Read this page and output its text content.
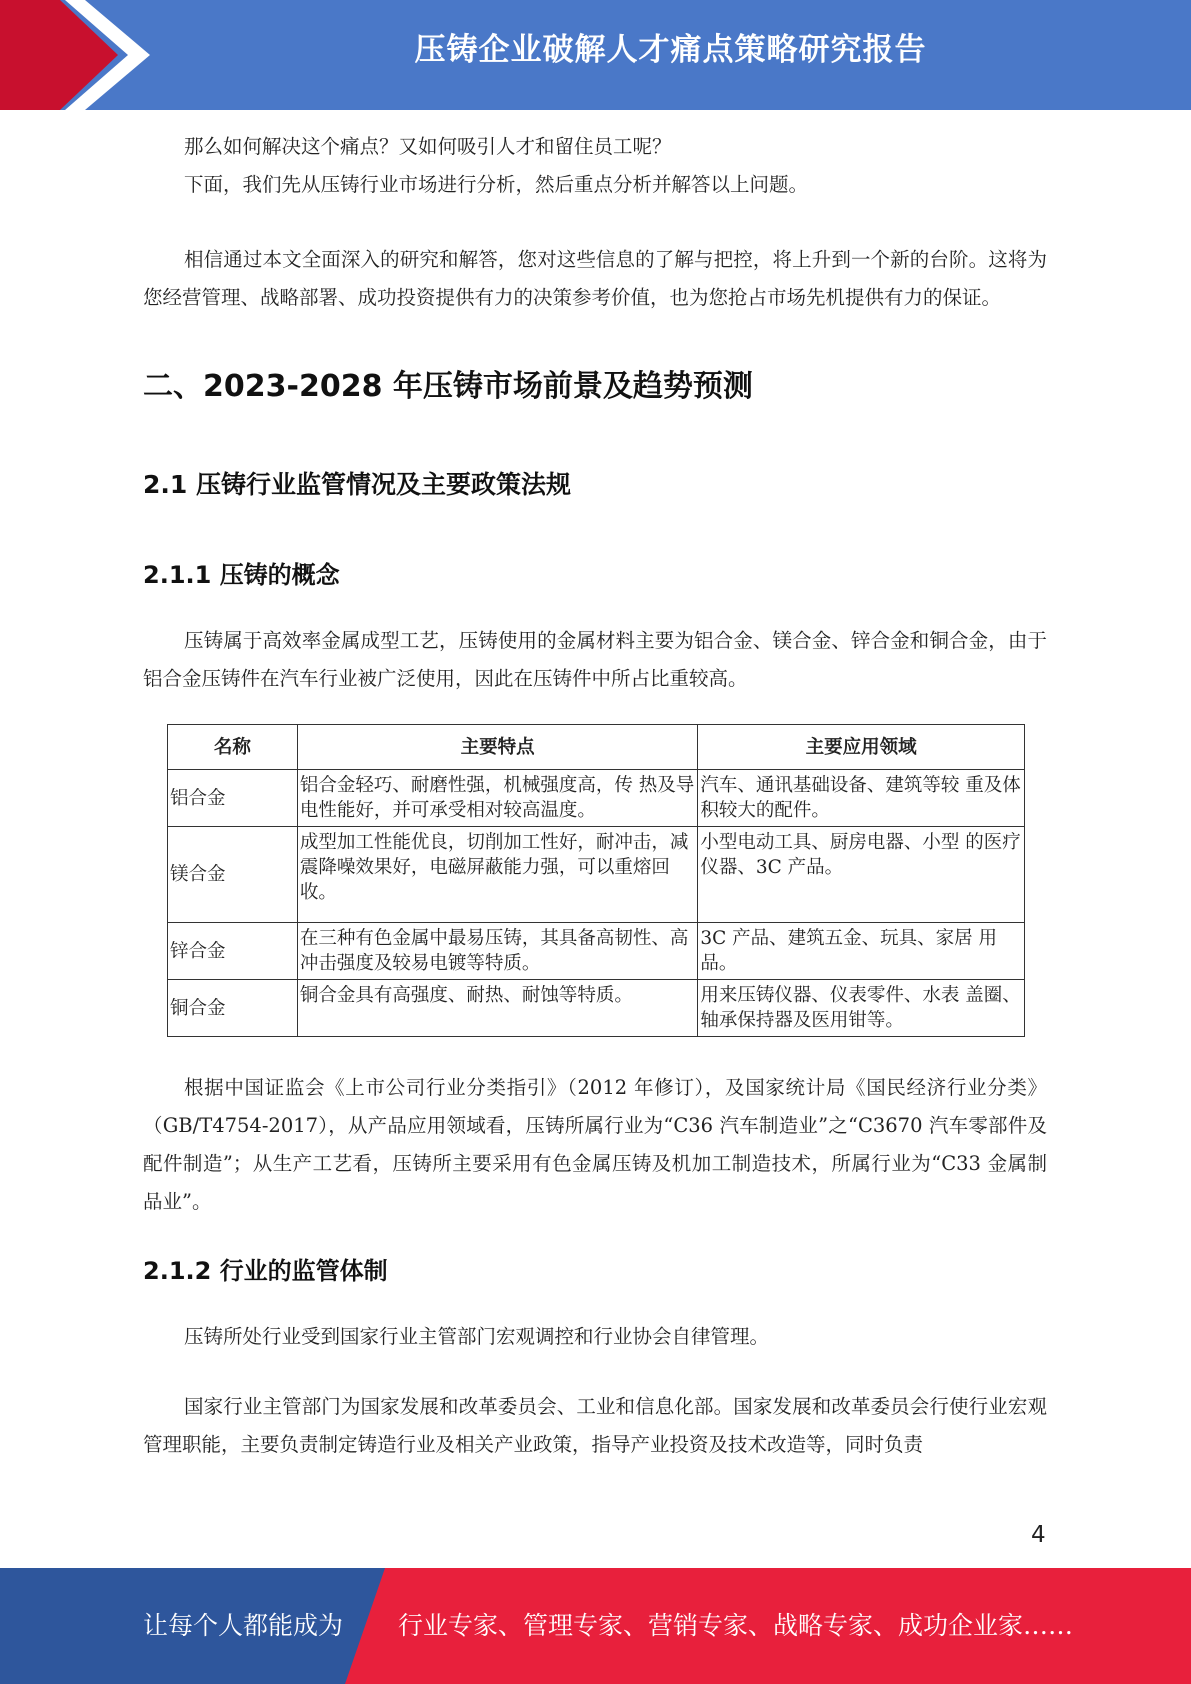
压铸企业破解人才痛点策略研究报告

那么如何解决这个痛点？又如何吸引人才和留住员工呢？

下面，我们先从压铸行业市场进行分析，然后重点分析并解答以上问题。

相信通过本文全面深入的研究和解答，您对这些信息的了解与把控，将上升到一个新的台阶。这将为您经营管理、战略部署、成功投资提供有力的决策参考价值，也为您抢占市场先机提供有力的保证。

二、2023-2028 年压铸市场前景及趋势预测
2.1 压铸行业监管情况及主要政策法规
2.1.1 压铸的概念

压铸属于高效率金属成型工艺，压铸使用的金属材料主要为铝合金、镁合金、锌合金和铜合金，由于铝合金压铸件在汽车行业被广泛使用，因此在压铸件中所占比重较高。

名称	主要特点	主要应用领域
铝合金	铝合金轻巧、耐磨性强，机械强度高，传 热及导电性能好，并可承受相对较高温度。	汽车、通讯基础设备、建筑等较 重及体积较大的配件。
镁合金	成型加工性能优良，切削加工性好，耐冲击，减震降噪效果好，电磁屏蔽能力强，可以重熔回收。	小型电动工具、厨房电器、小型 的医疗仪器、3C 产品。
锌合金	在三种有色金属中最易压铸，其具备高韧性、高冲击强度及较易电镀等特质。	3C 产品、建筑五金、玩具、家居 用品。
铜合金	铜合金具有高强度、耐热、耐蚀等特质。	用来压铸仪器、仪表零件、水表 盖圈、轴承保持器及医用钳等。

根据中国证监会《上市公司行业分类指引》（2012 年修订），及国家统计局《国民经济行业分类》（GB/T4754-2017），从产品应用领域看，压铸所属行业为“C36 汽车制造业”之“C3670 汽车零部件及配件制造”；从生产工艺看，压铸所主要采用有色金属压铸及机加工制造技术，所属行业为“C33 金属制品业”。

2.1.2 行业的监管体制

压铸所处行业受到国家行业主管部门宏观调控和行业协会自律管理。

国家行业主管部门为国家发展和改革委员会、工业和信息化部。国家发展和改革委员会行使行业宏观管理职能，主要负责制定铸造行业及相关产业政策，指导产业投资及技术改造等，同时负责

4
让每个人都能成为 行业专家、管理专家、营销专家、战略专家、成功企业家……
